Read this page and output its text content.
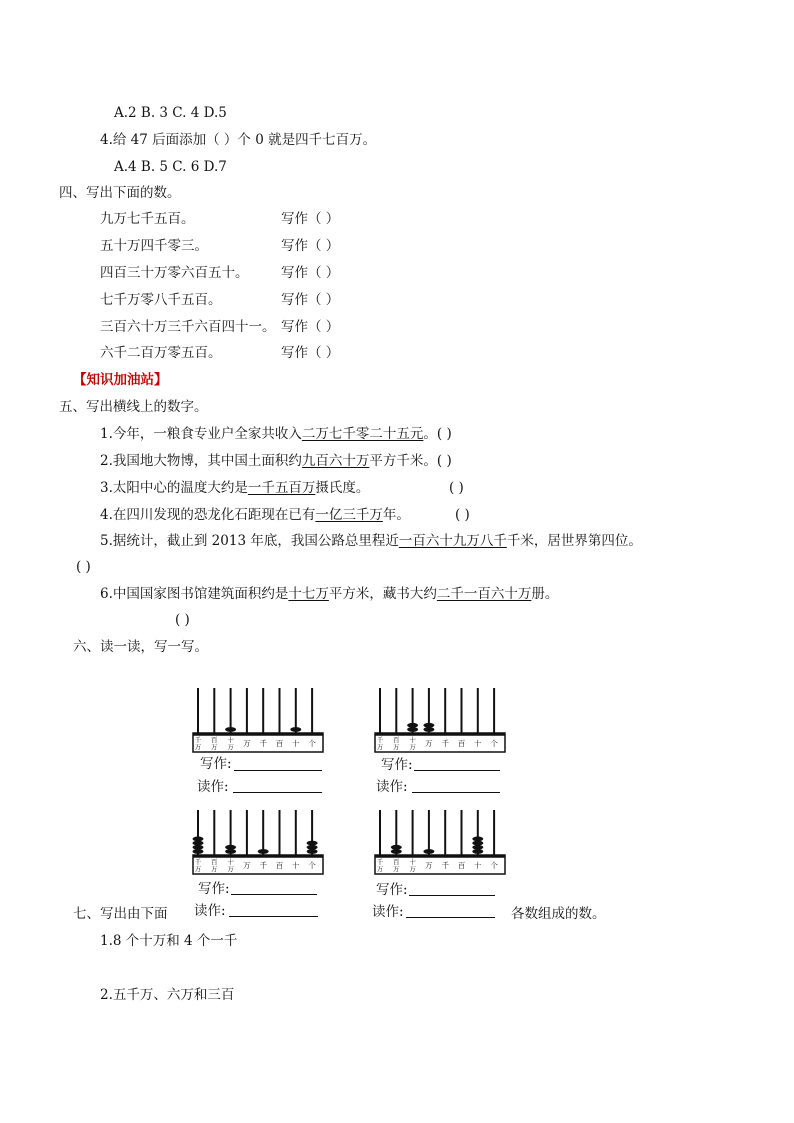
A.2 B. 3 C. 4 D.5
4.给 47 后面添加（ ）个 0 就是四千七百万。
A.4 B. 5 C. 6 D.7
四、写出下面的数。
九万七千五百。	写作（ ）
五十万四千零三。	写作（ ）
四百三十万零六百五十。 写作（ ）
七千万零八千五百。	写作（ ）
三百六十万三千六百四十一。 写作（ ）
六千二百万零五百。	写作（ ）
【知识加油站】
五、写出横线上的数字。
1.今年，一粮食专业户全家共收入二万七千零二十五元。( )
2.我国地大物博，其中国土面积约九百六十万平方千米。( )
3.太阳中心的温度大约是一千五百万摄氏度。	( )
4.在四川发现的恐龙化石距现在已有一亿三千万年。	( )
5.据统计，截止到 2013 年底，我国公路总里程近一百六十九万八千千米，居世界第四位。
( )
6.中国国家图书馆建筑面积约是十七万平方米，藏书大约二千一百六十万册。
( )
六、读一读，写一写。
千
万
百
万
十
万 万 千 百 十 个	千
万
百
万
十
万 万 千 百 十 个
千
万
百
万
十
万 万 千 百 十 个	千
万
百
万
十
万 万 千 百 十 个
写作:
读作:
写作:
读作:
写作:
读作:
写作:
读作:
七、写出由下面	各数组成的数。
1.8 个十万和 4 个一千
2.五千万、六万和三百
